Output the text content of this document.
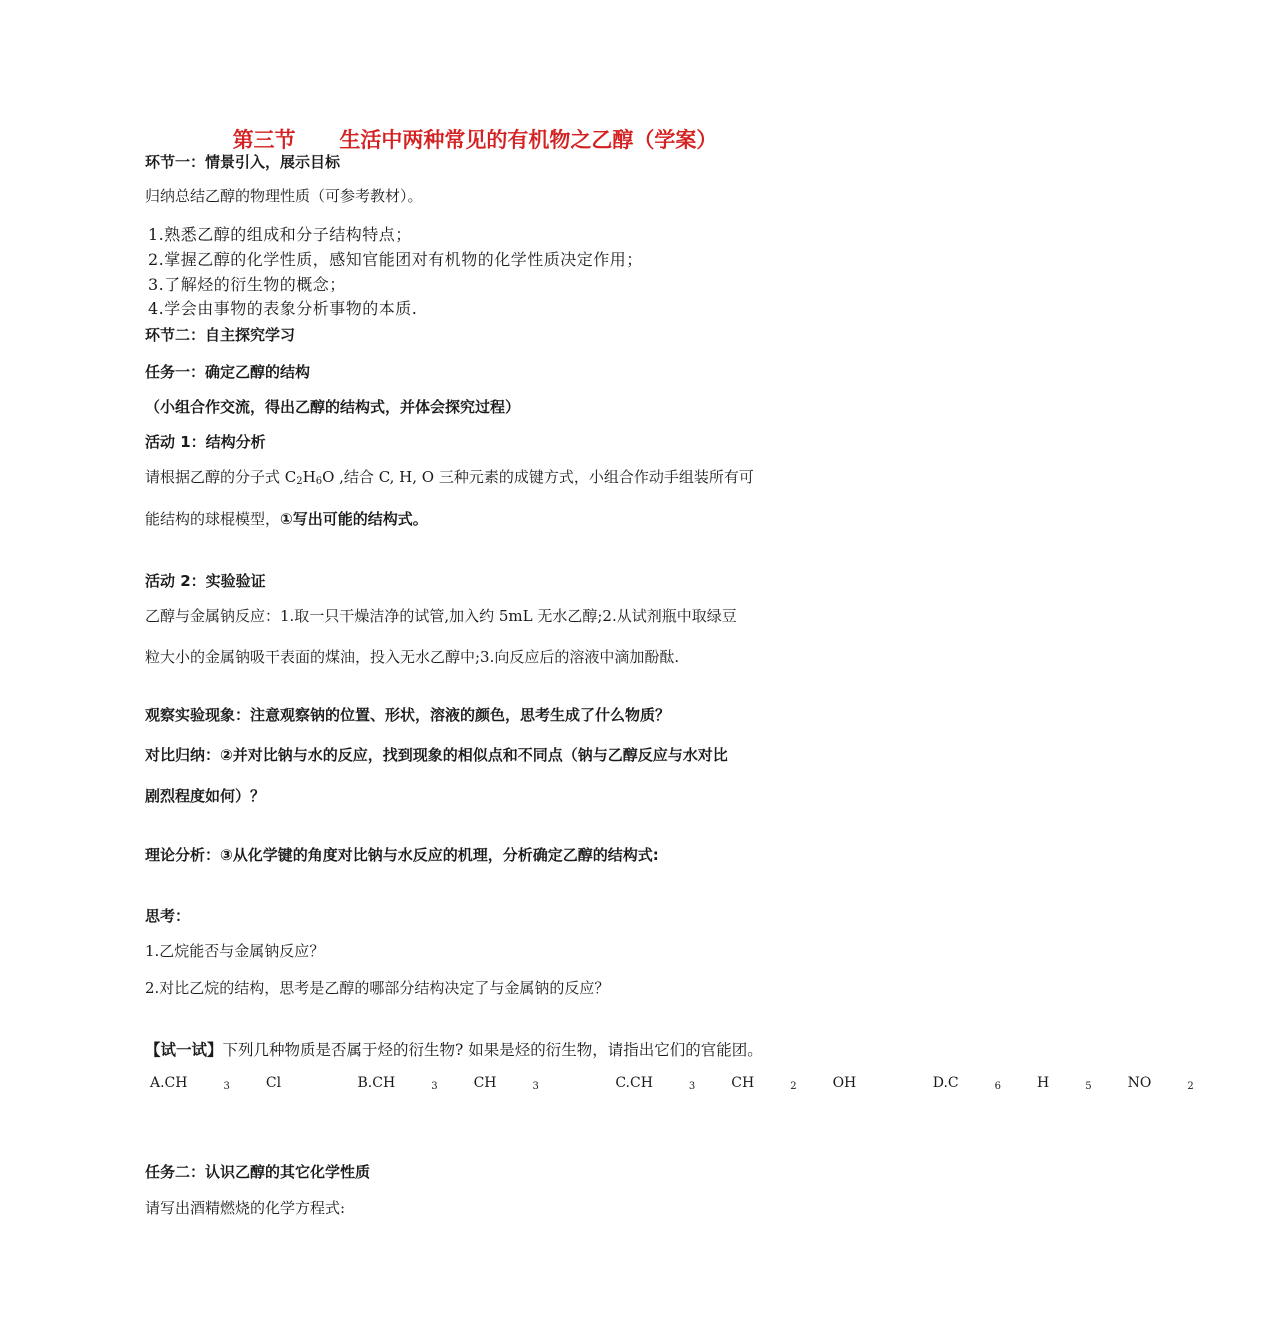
第三节      生活中两种常见的有机物之乙醇（学案）
环节一：情景引入，展示目标
归纳总结乙醇的物理性质（可参考教材）。
1.熟悉乙醇的组成和分子结构特点；
2.掌握乙醇的化学性质，感知官能团对有机物的化学性质决定作用；
3.了解烃的衍生物的概念；
4.学会由事物的表象分析事物的本质.
环节二：自主探究学习
任务一：确定乙醇的结构
（小组合作交流，得出乙醇的结构式，并体会探究过程）
活动 1：结构分析
请根据乙醇的分子式 $C_2H_6O$ ,结合 C, H, O 三种元素的成键方式，小组合作动手组装所有可
能结构的球棍模型，①写出可能的结构式。
活动 2：实验验证
乙醇与金属钠反应：1.取一只干燥洁净的试管,加入约 5mL 无水乙醇;2.从试剂瓶中取绿豆
粒大小的金属钠吸干表面的煤油，投入无水乙醇中;3.向反应后的溶液中滴加酚酞.
观察实验现象：注意观察钠的位置、形状，溶液的颜色，思考生成了什么物质？
对比归纳：②并对比钠与水的反应，找到现象的相似点和不同点（钠与乙醇反应与水对比
剧烈程度如何）？
理论分析：③从化学键的角度对比钠与水反应的机理，分析确定乙醇的结构式:
思考：
1.乙烷能否与金属钠反应？
2.对比乙烷的结构，思考是乙醇的哪部分结构决定了与金属钠的反应？
【试一试】下列几种物质是否属于烃的衍生物? 如果是烃的衍生物，请指出它们的官能团。
A.CH	3	Cl	B.CH	3	CH	3	C.CH	3	CH	2	OH	D.C	6	H	5	NO	2
任务二：认识乙醇的其它化学性质
请写出酒精燃烧的化学方程式:
